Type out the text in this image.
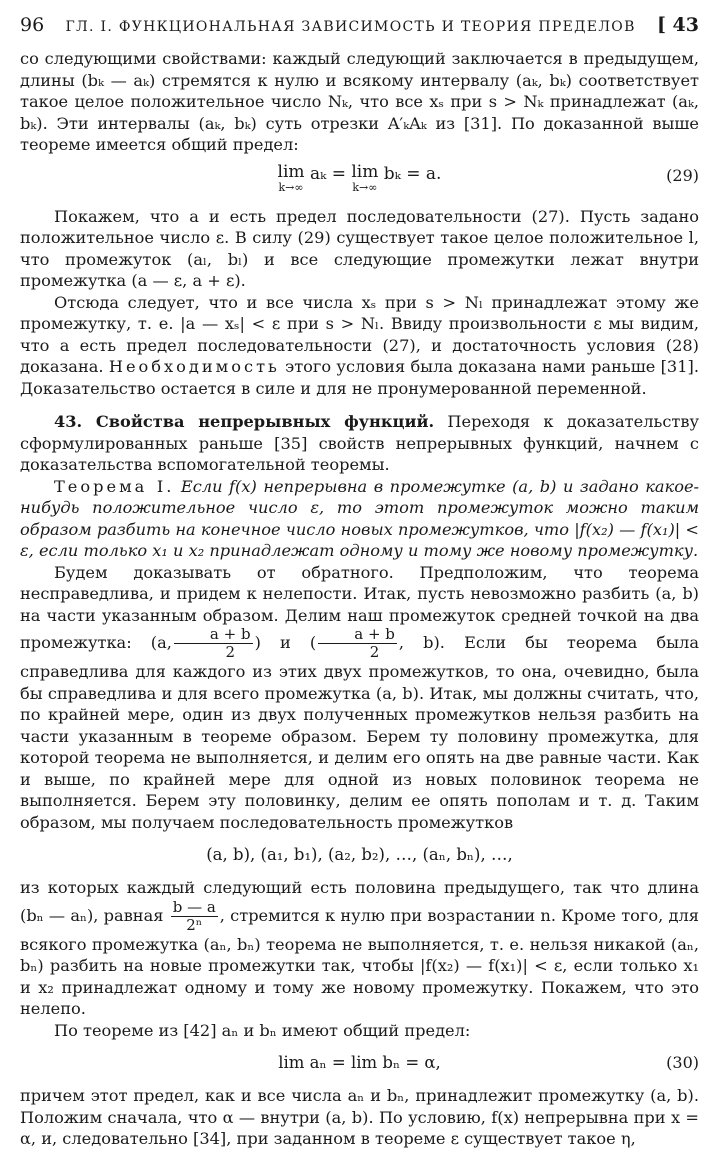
96 ГЛ. I. ФУНКЦИОНАЛЬНАЯ ЗАВИСИМОСТЬ И ТЕОРИЯ ПРЕДЕЛОВ [ 43

со следующими свойствами: каждый следующий заключается в предыдущем, длины (bₖ — aₖ) стремятся к нулю и всякому интервалу (aₖ, bₖ) соответствует такое целое положительное число Nₖ, что все xₛ при s > Nₖ принадлежат (aₖ, bₖ). Эти интервалы (aₖ, bₖ) суть отрезки A′ₖAₖ из [31]. По доказанной выше теореме имеется общий предел:

lim
k→∞
aₖ = lim
k→∞
bₖ = a.	(29)

Покажем, что a и есть предел последовательности (27). Пусть задано положительное число ε. В силу (29) существует такое целое положительное l, что промежуток (aₗ, bₗ) и все следующие промежутки лежат внутри промежутка (a — ε, a + ε).

Отсюда следует, что и все числа xₛ при s > Nₗ принадлежат этому же промежутку, т. е. |a — xₛ| < ε при s > Nₗ. Ввиду произвольности ε мы видим, что a есть предел последовательности (27), и достаточность условия (28) доказана. Необходимость этого условия была доказана нами раньше [31]. Доказательство остается в силе и для не пронумерованной переменной.

43. Свойства непрерывных функций. Переходя к доказательству сформулированных раньше [35] свойств непрерывных функций, начнем с доказательства вспомогательной теоремы.

Теорема I. Если f(x) непрерывна в промежутке (a, b) и задано какое-нибудь положительное число ε, то этот промежуток можно таким образом разбить на конечное число новых промежутков, что |f(x₂) — f(x₁)| < ε, если только x₁ и x₂ принадлежат одному и тому же новому промежутку.

Будем доказывать от обратного. Предположим, что теорема несправедлива, и придем к нелепости. Итак, пусть невозможно разбить (a, b) на части указанным образом. Делим наш промежуток средней точкой на два промежутка: (a, $\frac{a + b}{2}$ ) и ( $\frac{a + b}{2}$ , b). Если бы теорема была справедлива для каждого из этих двух промежутков, то она, очевидно, была бы справедлива и для всего промежутка (a, b). Итак, мы должны считать, что, по крайней мере, один из двух полученных промежутков нельзя разбить на части указанным в теореме образом. Берем ту половину промежутка, для которой теорема не выполняется, и делим его опять на две равные части. Как и выше, по крайней мере для одной из новых половинок теорема не выполняется. Берем эту половинку, делим ее опять пополам и т. д. Таким образом, мы получаем последовательность промежутков

(a, b), (a₁, b₁), (a₂, b₂), …, (aₙ, bₙ), …,

из которых каждый следующий есть половина предыдущего, так что длина (bₙ — aₙ), равная $\frac{b — a}{\text{2ⁿ}}$ , стремится к нулю при возрастании n. Кроме того, для всякого промежутка (aₙ, bₙ) теорема не выполняется, т. е. нельзя никакой (aₙ, bₙ) разбить на новые промежутки так, чтобы |f(x₂) — f(x₁)| < ε, если только x₁ и x₂ принадлежат одному и тому же новому промежутку. Покажем, что это нелепо.

По теореме из [42] aₙ и bₙ имеют общий предел:

lim aₙ = lim bₙ = α,	(30)

причем этот предел, как и все числа aₙ и bₙ, принадлежит промежутку (a, b). Положим сначала, что α — внутри (a, b). По условию, f(x) непрерывна при x = α, и, следовательно [34], при заданном в теореме ε существует такое η,
